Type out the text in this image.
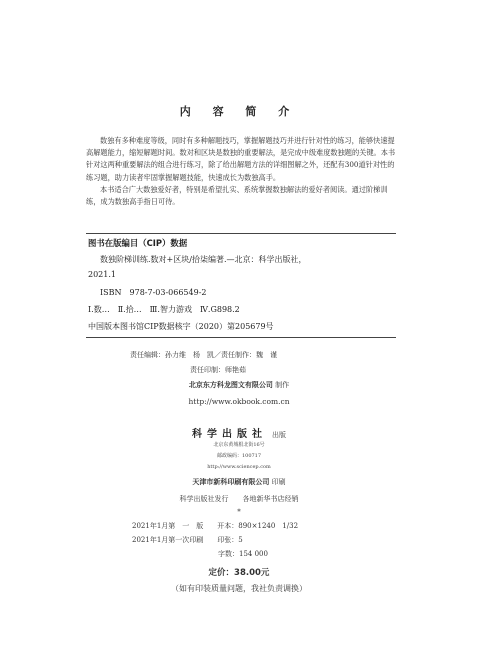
内 容 简 介

数独有多种难度等级，同时有多种解题技巧，掌握解题技巧并进行针对性的练习，能够快速提高解题能力，缩短解题时间。数对和区块是数独的重要解法，是完成中级难度数独题的关键。本书针对这两种重要解法的组合进行练习，除了给出解题方法的详细图解之外，还配有300道针对性的练习题，助力读者牢固掌握解题技能，快速成长为数独高手。

本书适合广大数独爱好者，特别是希望扎实、系统掌握数独解法的爱好者阅读。通过阶梯训练，成为数独高手指日可待。

图书在版编目（CIP）数据
数独阶梯训练.数对+区块/拾柒编著.—北京：科学出版社，
2021.1
ISBN　978-7-03-066549-2
Ⅰ.数…　Ⅱ.拾…　Ⅲ.智力游戏　Ⅳ.G898.2
中国版本图书馆CIP数据核字（2020）第205679号
责任编辑：孙力维　杨　凯／责任制作：魏　谨
责任印制：师艳茹
北京东方科龙图文有限公司 制作
http://www.okbook.com.cn
科学出版社 出版
北京东黄城根北街16号
邮政编码：100717
http://www.sciencep.com
天津市新科印刷有限公司 印刷
科学出版社发行　　各地新华书店经销
*
2021年1月第　一　版　　开本：890×1240　1/32
2021年1月第一次印刷　　印张：5
字数：154 000
定价：38.00元
（如有印装质量问题，我社负责调换）
